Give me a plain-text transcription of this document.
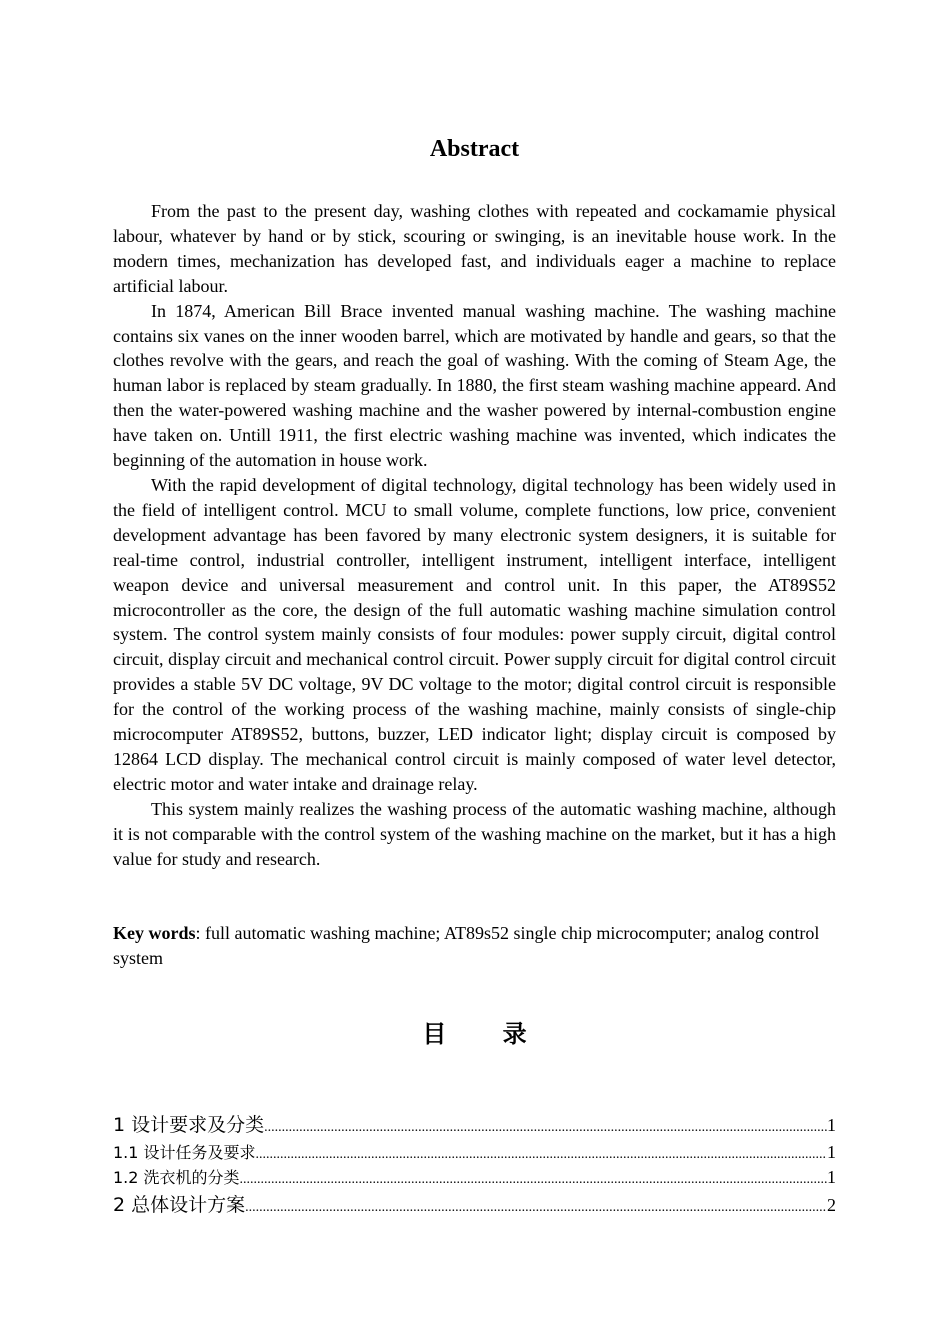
Abstract

From the past to the present day, washing clothes with repeated and cockamamie physical labour, whatever by hand or by stick, scouring or swinging, is an inevitable house work. In the modern times, mechanization has developed fast, and individuals eager a machine to replace artificial labour.

In 1874, American Bill Brace invented manual washing machine. The washing machine contains six vanes on the inner wooden barrel, which are motivated by handle and gears, so that the clothes revolve with the gears, and reach the goal of washing. With the coming of Steam Age, the human labor is replaced by steam gradually. In 1880, the first steam washing machine appeard. And then the water-powered washing machine and the washer powered by internal-combustion engine have taken on. Untill 1911, the first electric washing machine was invented, which indicates the beginning of the automation in house work.

With the rapid development of digital technology, digital technology has been widely used in the field of intelligent control. MCU to small volume, complete functions, low price, convenient development advantage has been favored by many electronic system designers, it is suitable for real-time control, industrial controller, intelligent instrument, intelligent interface, intelligent weapon device and universal measurement and control unit. In this paper, the AT89S52 microcontroller as the core, the design of the full automatic washing machine simulation control system. The control system mainly consists of four modules: power supply circuit, digital control circuit, display circuit and mechanical control circuit. Power supply circuit for digital control circuit provides a stable 5V DC voltage, 9V DC voltage to the motor; digital control circuit is responsible for the control of the working process of the washing machine, mainly consists of single-chip microcomputer AT89S52, buttons, buzzer, LED indicator light; display circuit is composed by 12864 LCD display. The mechanical control circuit is mainly composed of water level detector, electric motor and water intake and drainage relay.

This system mainly realizes the washing process of the automatic washing machine, although it is not comparable with the control system of the washing machine on the market, but it has a high value for study and research.

Key words: full automatic washing machine; AT89s52 single chip microcomputer; analog control system

目 录
1 设计要求及分类 .....	1
1.1 设计任务及要求 .....	1
1.2 洗衣机的分类 .....	1
2 总体设计方案 .....	2
